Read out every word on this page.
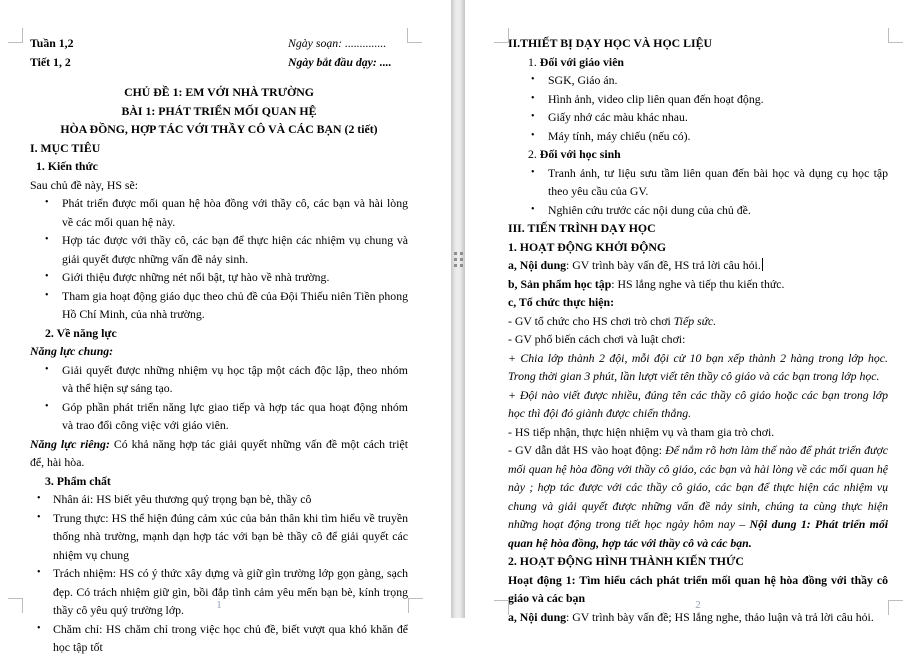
Tuần 1,2	Ngày soạn: ..............
Tiết 1, 2	Ngày bắt đầu dạy: ....
CHỦ ĐỀ 1: EM VỚI NHÀ TRƯỜNG
BÀI 1: PHÁT TRIỂN MỐI QUAN HỆ
HÒA ĐỒNG, HỢP TÁC VỚI THẦY CÔ VÀ CÁC BẠN (2 tiết)
I. MỤC TIÊU
1. Kiến thức
Sau chủ đề này, HS sẽ:
• Phát triển được mối quan hệ hòa đồng với thầy cô, các bạn và hài lòng về các mối quan hệ này.
• Hợp tác được với thầy cô, các bạn để thực hiện các nhiệm vụ chung và giải quyết được những vấn đề nảy sinh.
• Giới thiệu được những nét nổi bật, tự hào về nhà trường.
• Tham gia hoạt động giáo dục theo chủ đề của Đội Thiếu niên Tiền phong Hồ Chí Minh, của nhà trường.
2. Về năng lực
Năng lực chung:
• Giải quyết được những nhiệm vụ học tập một cách độc lập, theo nhóm và thể hiện sự sáng tạo.
• Góp phần phát triển năng lực giao tiếp và hợp tác qua hoạt động nhóm và trao đổi công việc với giáo viên.
Năng lực riêng: Có khả năng hợp tác giải quyết những vấn đề một cách triệt để, hài hòa.
3. Phẩm chất
• Nhân ái: HS biết yêu thương quý trọng bạn bè, thầy cô
• Trung thực: HS thể hiện đúng cảm xúc của bản thân khi tìm hiểu về truyền thống nhà trường, mạnh dạn hợp tác với bạn bè thầy cô để giải quyết các nhiệm vụ chung
• Trách nhiệm: HS có ý thức xây dựng và giữ gìn trường lớp gọn gàng, sạch đẹp. Có trách nhiệm giữ gìn, bồi đắp tình cảm yêu mến bạn bè, kính trọng thầy cô yêu quý trường lớp.
• Chăm chỉ: HS chăm chỉ trong việc học chủ đề, biết vượt qua khó khăn để học tập tốt
1
II.THIẾT BỊ DẠY HỌC VÀ HỌC LIỆU
1. Đối với giáo viên
• SGK, Giáo án.
• Hình ảnh, video clip liên quan đến hoạt động.
• Giấy nhớ các màu khác nhau.
• Máy tính, máy chiếu (nếu có).
2. Đối với học sinh
• Tranh ảnh, tư liệu sưu tầm liên quan đến bài học và dụng cụ học tập theo yêu cầu của GV.
• Nghiên cứu trước các nội dung của chủ đề.
III. TIẾN TRÌNH DẠY HỌC
1. HOẠT ĐỘNG KHỞI ĐỘNG
a, Nội dung: GV trình bày vấn đề, HS trả lời câu hỏi.
b, Sản phẩm học tập: HS lắng nghe và tiếp thu kiến thức.
c, Tổ chức thực hiện:
- GV tổ chức cho HS chơi trò chơi Tiếp sức.
- GV phổ biến cách chơi và luật chơi:
+ Chia lớp thành 2 đội, mỗi đội cử 10 bạn xếp thành 2 hàng trong lớp học. Trong thời gian 3 phút, lần lượt viết tên thầy cô giáo và các bạn trong lớp học.
+ Đội nào viết được nhiều, đúng tên các thầy cô giáo hoặc các bạn trong lớp học thì đội đó giành được chiến thắng.
- HS tiếp nhận, thực hiện nhiệm vụ và tham gia trò chơi.
- GV dẫn dắt HS vào hoạt động: Để nắm rõ hơn làm thế nào để phát triển được mối quan hệ hòa đồng với thầy cô giáo, các bạn và hài lòng về các mối quan hệ này ; hợp tác được với các thầy cô giáo, các bạn để thực hiện các nhiệm vụ chung và giải quyết được những vấn đề nảy sinh, chúng ta cùng thực hiện những hoạt động trong tiết học ngày hôm nay – Nội dung 1: Phát triển mối quan hệ hòa đồng, hợp tác với thầy cô và các bạn.
2. HOẠT ĐỘNG HÌNH THÀNH KIẾN THỨC
Hoạt động 1: Tìm hiểu cách phát triển mối quan hệ hòa đồng với thầy cô giáo và các bạn
a, Nội dung: GV trình bày vấn đề; HS lắng nghe, thảo luận và trả lời câu hỏi.
2
